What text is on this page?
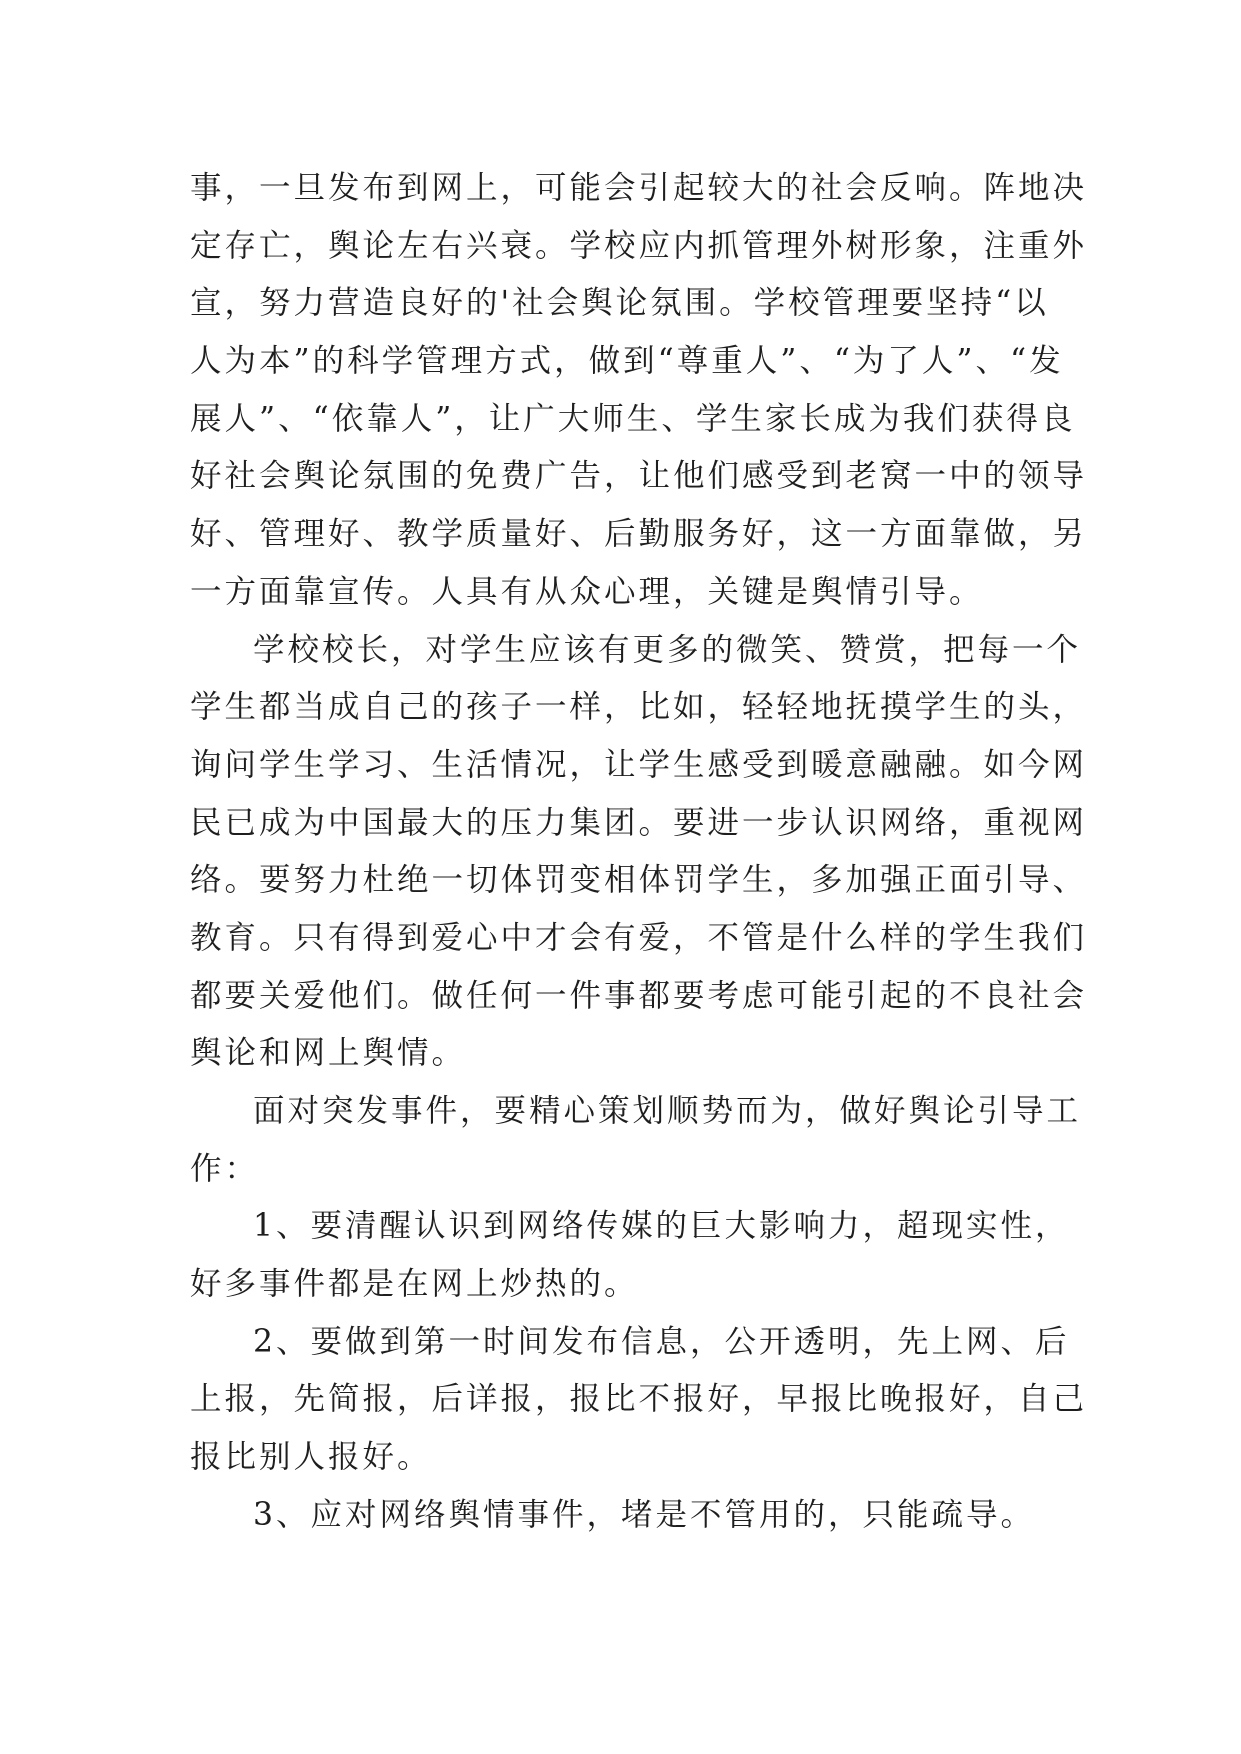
事，一旦发布到网上，可能会引起较大的社会反响。阵地决
定存亡，舆论左右兴衰。学校应内抓管理外树形象，注重外
宣，努力营造良好的'社会舆论氛围。学校管理要坚持“以
人为本”的科学管理方式，做到“尊重人”、“为了人”、“发
展人”、“依靠人”，让广大师生、学生家长成为我们获得良
好社会舆论氛围的免费广告，让他们感受到老窝一中的领导
好、管理好、教学质量好、后勤服务好，这一方面靠做，另
一方面靠宣传。人具有从众心理，关键是舆情引导。
学校校长，对学生应该有更多的微笑、赞赏，把每一个
学生都当成自己的孩子一样，比如，轻轻地抚摸学生的头，
询问学生学习、生活情况，让学生感受到暖意融融。如今网
民已成为中国最大的压力集团。要进一步认识网络，重视网
络。要努力杜绝一切体罚变相体罚学生，多加强正面引导、
教育。只有得到爱心中才会有爱，不管是什么样的学生我们
都要关爱他们。做任何一件事都要考虑可能引起的不良社会
舆论和网上舆情。
面对突发事件，要精心策划顺势而为，做好舆论引导工
作：
1、要清醒认识到网络传媒的巨大影响力，超现实性，
好多事件都是在网上炒热的。
2、要做到第一时间发布信息，公开透明，先上网、后
上报，先简报，后详报，报比不报好，早报比晚报好，自己
报比别人报好。
3、应对网络舆情事件，堵是不管用的，只能疏导。
